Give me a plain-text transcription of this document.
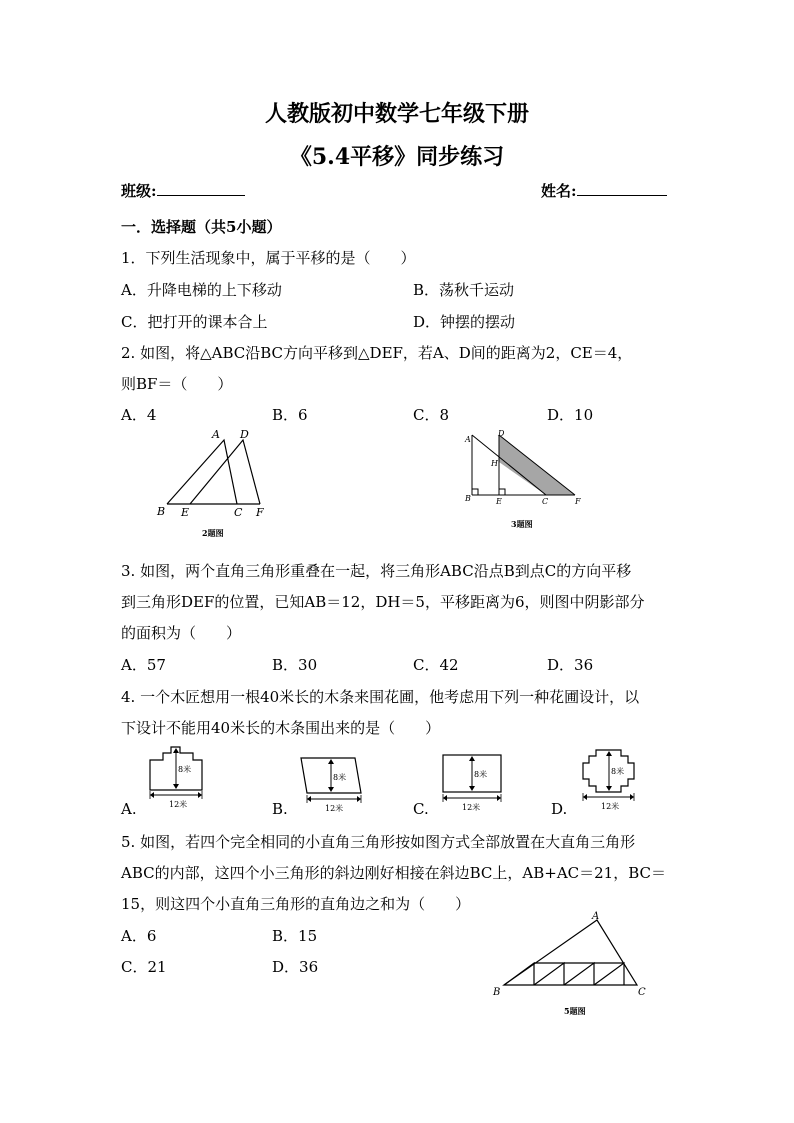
人教版初中数学七年级下册
《5.4平移》同步练习
班级:	姓名:
一．选择题（共5小题）
1．下列生活现象中，属于平移的是（　　）
A．升降电梯的上下移动	B．荡秋千运动
C．把打开的课本合上	D．钟摆的摆动
2. 如图，将△ABC沿BC方向平移到△DEF，若A、D间的距离为2，CE＝4，
则BF＝（　　）
A．4	B．6	C．8	D．10
A D
B E	C F
2题图
A
D
H
B	E	C	F
3题图
3. 如图，两个直角三角形重叠在一起，将三角形ABC沿点B到点C的方向平移
到三角形DEF的位置，已知AB＝12，DH＝5，平移距离为6，则图中阴影部分
的面积为（　　）
A．57	B．30	C．42	D．36
4. 一个木匠想用一根40米长的木条来围花圃，他考虑用下列一种花圃设计，以
下设计不能用40米长的木条围出来的是（　　）
A.	B.	C.	D.
8米
12米
8米
12米
8米
12米
8米
12米
5. 如图，若四个完全相同的小直角三角形按如图方式全部放置在大直角三角形
ABC的内部，这四个小三角形的斜边刚好相接在斜边BC上，AB+AC＝21，BC＝
15，则这四个小直角三角形的直角边之和为（　　）
A．6	B．15
C．21	D．36
A
B	C
5题图
